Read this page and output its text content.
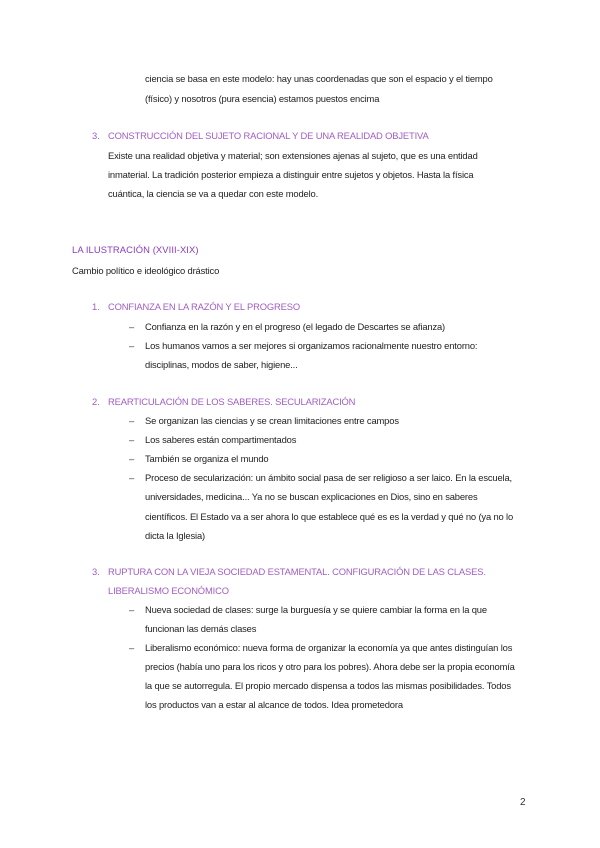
ciencia se basa en este modelo: hay unas coordenadas que son el espacio y el tiempo
(físico) y nosotros (pura esencia) estamos puestos encima
3. CONSTRUCCIÓN DEL SUJETO RACIONAL Y DE UNA REALIDAD OBJETIVA
Existe una realidad objetiva y material; son extensiones ajenas al sujeto, que es una entidad
inmaterial. La tradición posterior empieza a distinguir entre sujetos y objetos. Hasta la física
cuántica, la ciencia se va a quedar con este modelo.
LA ILUSTRACIÓN (XVIII-XIX)
Cambio político e ideológico drástico
1. CONFIANZA EN LA RAZÓN Y EL PROGRESO
– Confianza en la razón y en el progreso (el legado de Descartes se afianza)
– Los humanos vamos a ser mejores si organizamos racionalmente nuestro entorno:
disciplinas, modos de saber, higiene...
2. REARTICULACIÓN DE LOS SABERES. SECULARIZACIÓN
– Se organizan las ciencias y se crean limitaciones entre campos
– Los saberes están compartimentados
– También se organiza el mundo
– Proceso de secularización: un ámbito social pasa de ser religioso a ser laico. En la escuela,
universidades, medicina... Ya no se buscan explicaciones en Dios, sino en saberes
científicos. El Estado va a ser ahora lo que establece qué es es la verdad y qué no (ya no lo
dicta la Iglesia)
3. RUPTURA CON LA VIEJA SOCIEDAD ESTAMENTAL. CONFIGURACIÓN DE LAS CLASES.
LIBERALISMO ECONÓMICO
– Nueva sociedad de clases: surge la burguesía y se quiere cambiar la forma en la que
funcionan las demás clases
– Liberalismo económico: nueva forma de organizar la economía ya que antes distinguían los
precios (había uno para los ricos y otro para los pobres). Ahora debe ser la propia economía
la que se autorregula. El propio mercado dispensa a todos las mismas posibilidades. Todos
los productos van a estar al alcance de todos. Idea prometedora
2
